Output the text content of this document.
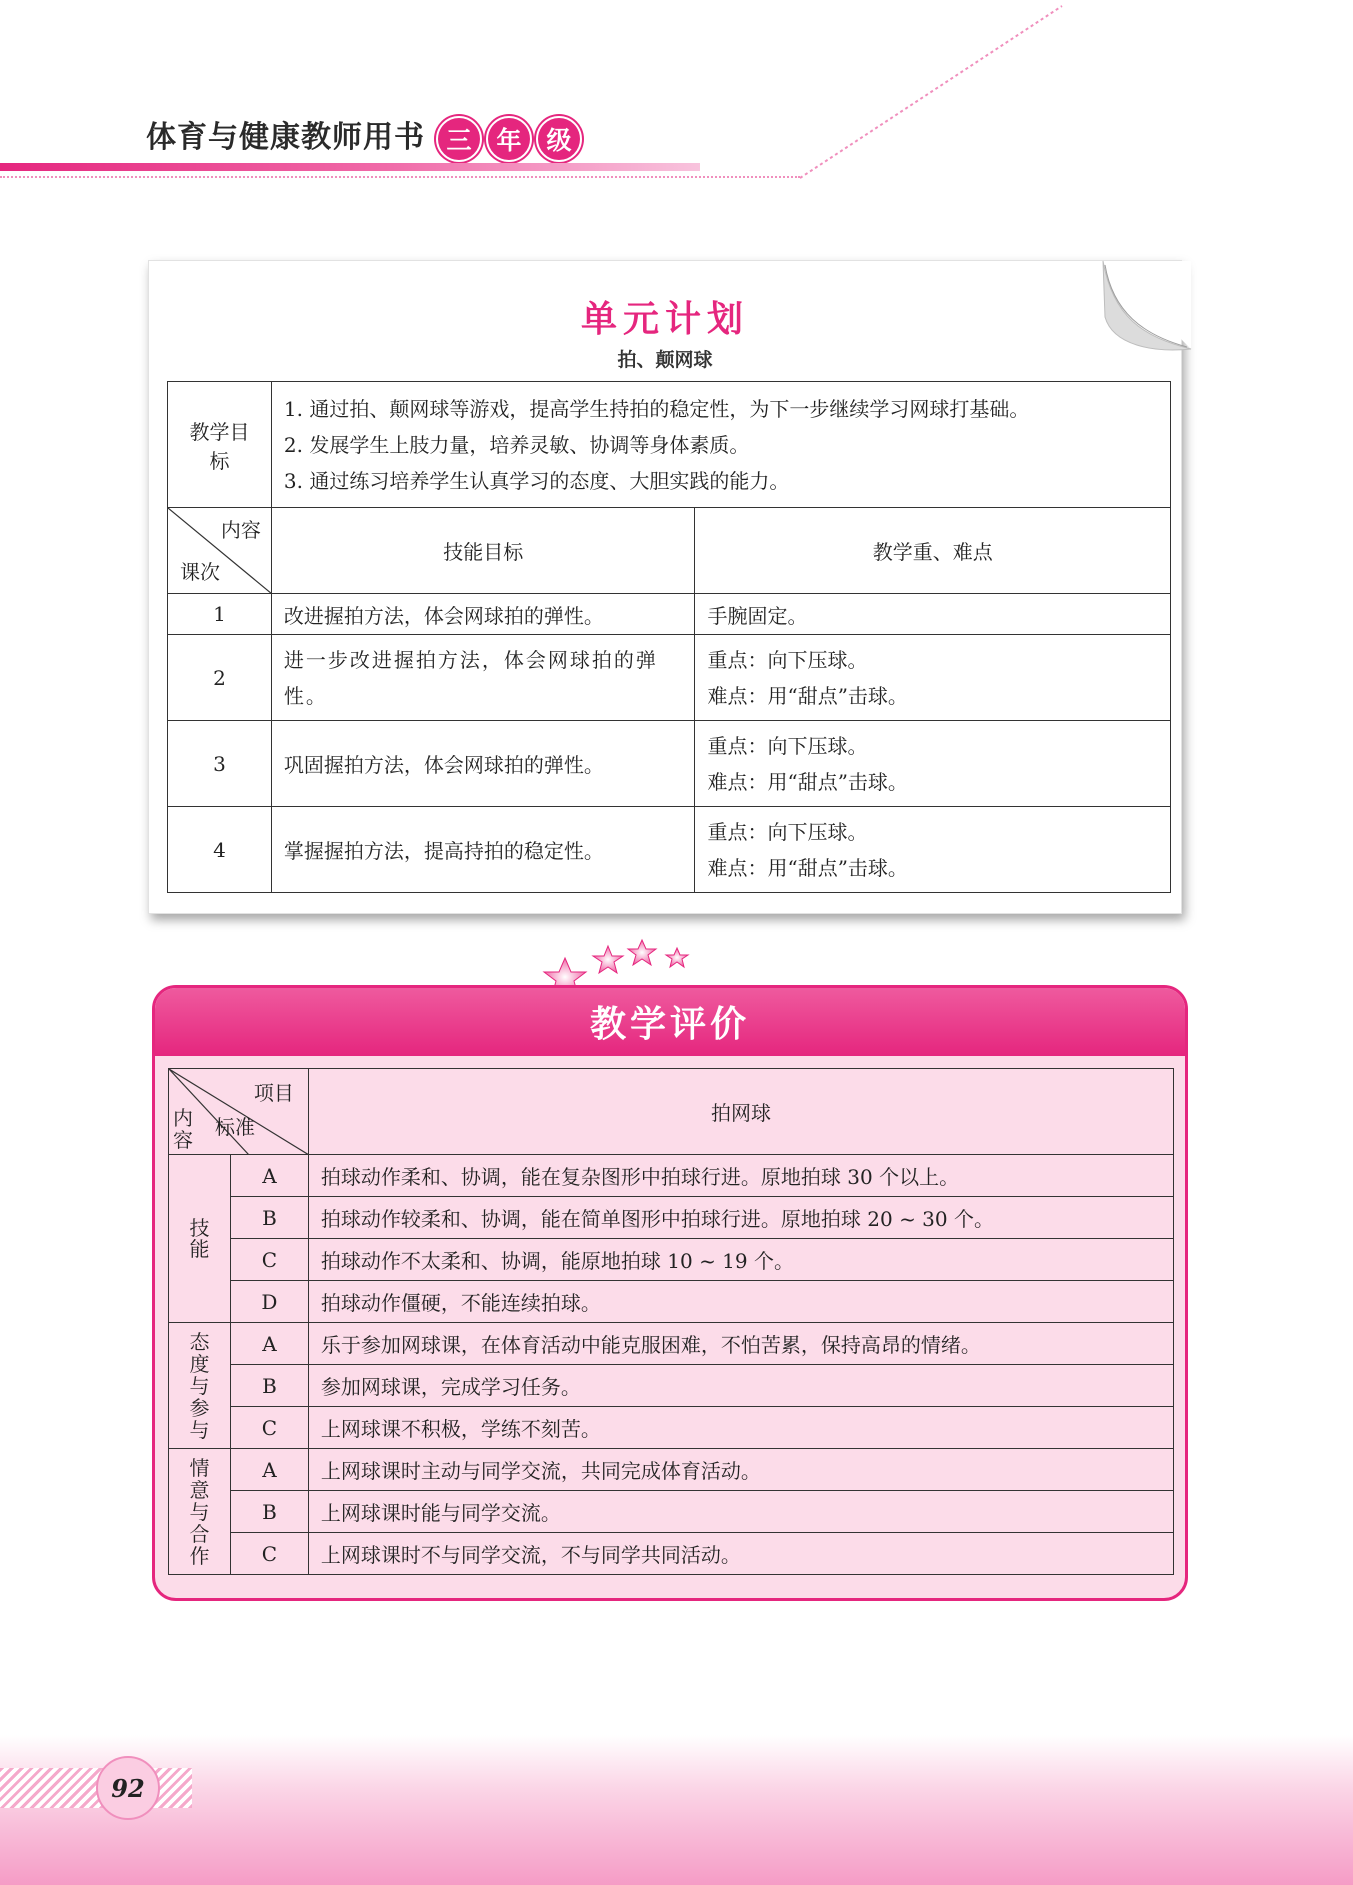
体育与健康教师用书 三 年 级
单元计划
拍、颠网球
教学目标	1. 通过拍、颠网球等游戏，提高学生持拍的稳定性，为下一步继续学习网球打基础。
2. 发展学生上肢力量，培养灵敏、协调等身体素质。
3. 通过练习培养学生认真学习的态度、大胆实践的能力。	

内容
课次	技能目标	教学重、难点
1	改进握拍方法，体会网球拍的弹性。	手腕固定。

2	进一步改进握拍方法，体会网球拍的弹性。	重点：向下压球。
难点：用“甜点”击球。

3	巩固握拍方法，体会网球拍的弹性。	重点：向下压球。
难点：用“甜点”击球。

4	掌握握拍方法，提高持拍的稳定性。	重点：向下压球。
难点：用“甜点”击球。
教学评价
项目
标准
内容		拍网球

技能	A	拍球动作柔和、协调，能在复杂图形中拍球行进。原地拍球 30 个以上。
	B	拍球动作较柔和、协调，能在简单图形中拍球行进。原地拍球 20 ~ 30 个。
	C	拍球动作不太柔和、协调，能原地拍球 10 ~ 19 个。
	D	拍球动作僵硬，不能连续拍球。

态度与参与	A	乐于参加网球课，在体育活动中能克服困难，不怕苦累，保持高昂的情绪。
	B	参加网球课，完成学习任务。
	C	上网球课不积极，学练不刻苦。

情意与合作	A	上网球课时主动与同学交流，共同完成体育活动。
	B	上网球课时能与同学交流。
	C	上网球课时不与同学交流，不与同学共同活动。
92
